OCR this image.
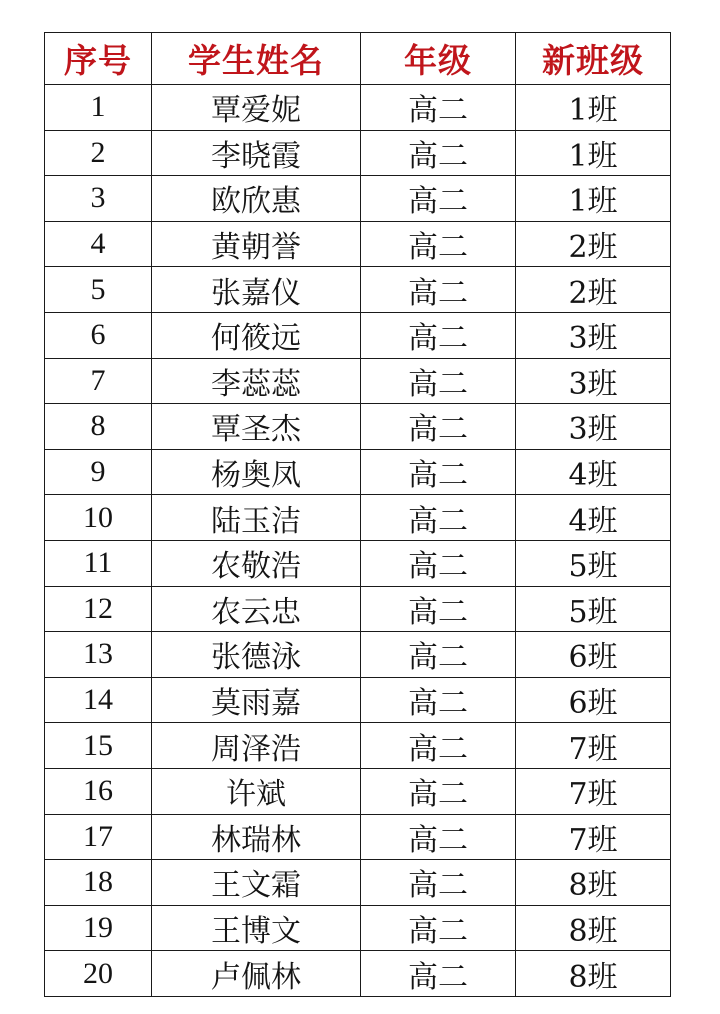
序号	学生姓名	年级	新班级
1	覃爱妮	高二	1班
2	李晓霞	高二	1班
3	欧欣惠	高二	1班
4	黄朝誉	高二	2班
5	张嘉仪	高二	2班
6	何筱远	高二	3班
7	李蕊蕊	高二	3班
8	覃圣杰	高二	3班
9	杨奥凤	高二	4班
10	陆玉洁	高二	4班
11	农敬浩	高二	5班
12	农云忠	高二	5班
13	张德泳	高二	6班
14	莫雨嘉	高二	6班
15	周泽浩	高二	7班
16	许斌	高二	7班
17	林瑞林	高二	7班
18	王文霜	高二	8班
19	王博文	高二	8班
20	卢佩林	高二	8班
